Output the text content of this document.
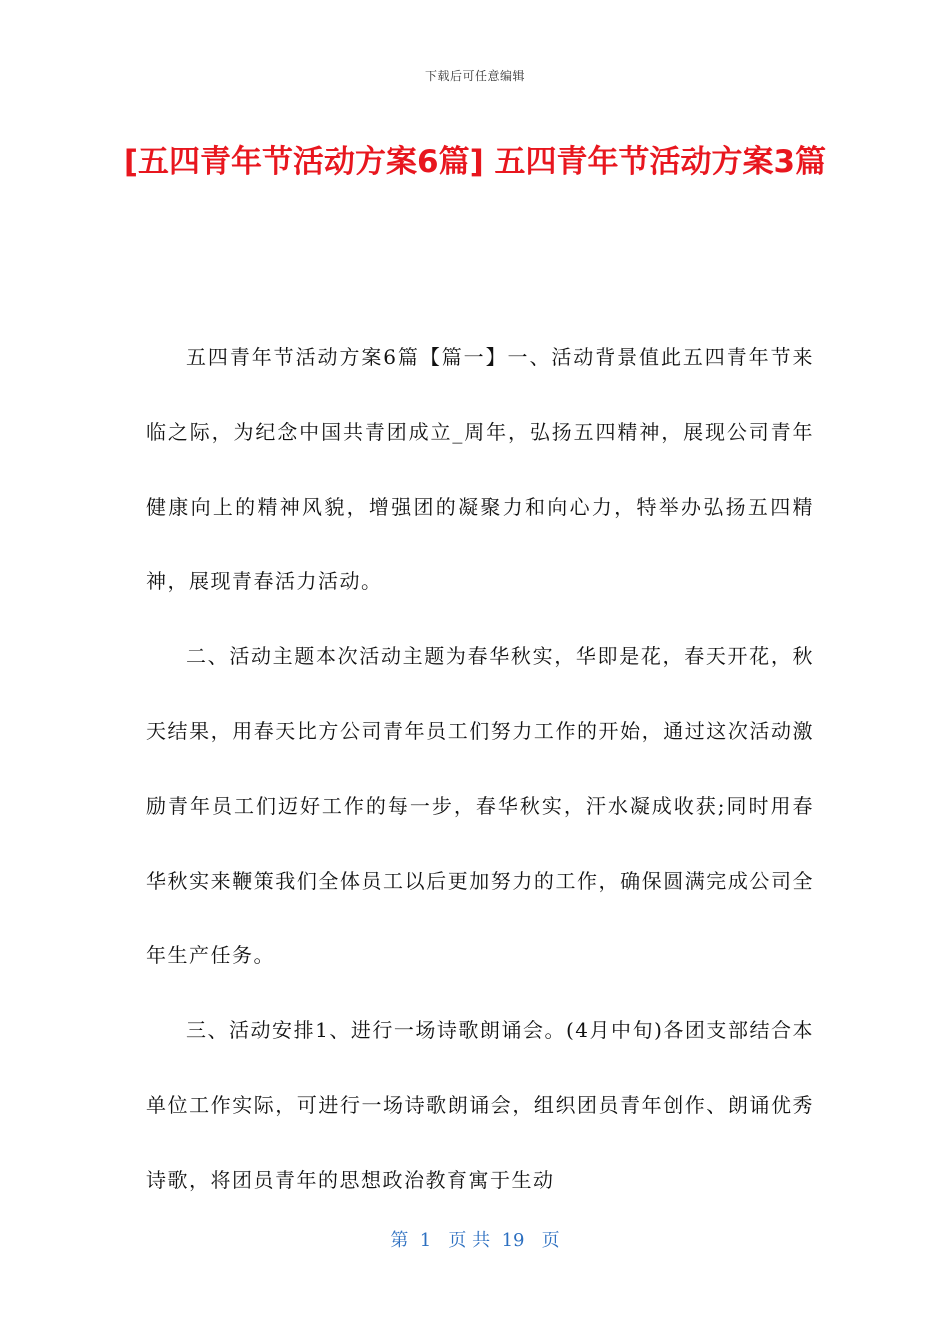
下载后可任意编辑
[五四青年节活动方案6篇] 五四青年节活动方案3篇

五四青年节活动方案6篇【篇一】一、活动背景值此五四青年节来临之际，为纪念中国共青团成立_周年，弘扬五四精神，展现公司青年健康向上的精神风貌，增强团的凝聚力和向心力，特举办弘扬五四精神，展现青春活力活动。

二、活动主题本次活动主题为春华秋实，华即是花，春天开花，秋天结果，用春天比方公司青年员工们努力工作的开始，通过这次活动激励青年员工们迈好工作的每一步，春华秋实，汗水凝成收获;同时用春华秋实来鞭策我们全体员工以后更加努力的工作，确保圆满完成公司全年生产任务。

三、活动安排1、进行一场诗歌朗诵会。(4月中旬)各团支部结合本单位工作实际，可进行一场诗歌朗诵会，组织团员青年创作、朗诵优秀诗歌，将团员青年的思想政治教育寓于生动

第  1   页 共  19   页
